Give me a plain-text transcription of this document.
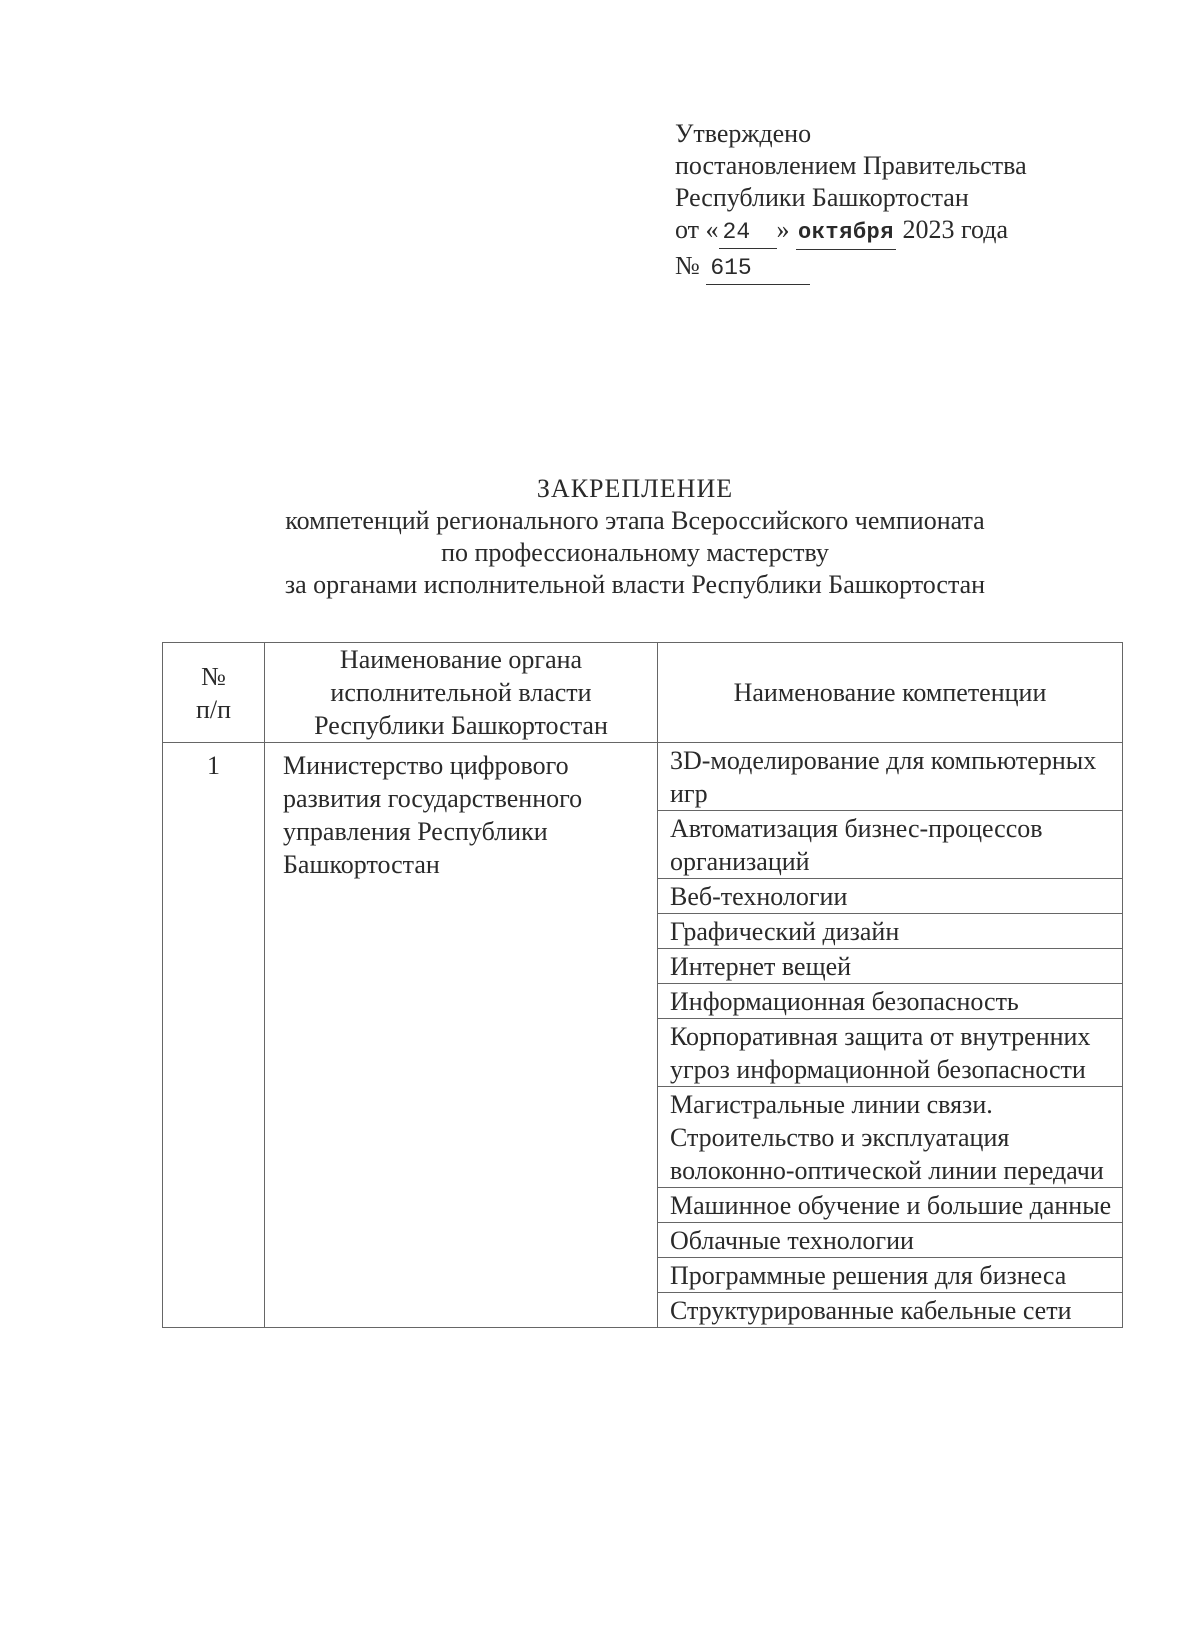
Утверждено
постановлением Правительства
Республики Башкортостан
от « 24 » октября 2023 года
№ 615
ЗАКРЕПЛЕНИЕ
компетенций регионального этапа Всероссийского чемпионата
по профессиональному мастерству
за органами исполнительной власти Республики Башкортостан
№ п/п	Наименование органа исполнительной власти Республики Башкортостан	Наименование компетенции
1	Министерство цифрового развития государственного управления Республики Башкортостан	3D-моделирование для компьютерных игр
		Автоматизация бизнес-процессов организаций
		Веб-технологии
		Графический дизайн
		Интернет вещей
		Информационная безопасность
		Корпоративная защита от внутренних угроз информационной безопасности
		Магистральные линии связи. Строительство и эксплуатация волоконно-оптической линии передачи
		Машинное обучение и большие данные
		Облачные технологии
		Программные решения для бизнеса
		Структурированные кабельные сети
